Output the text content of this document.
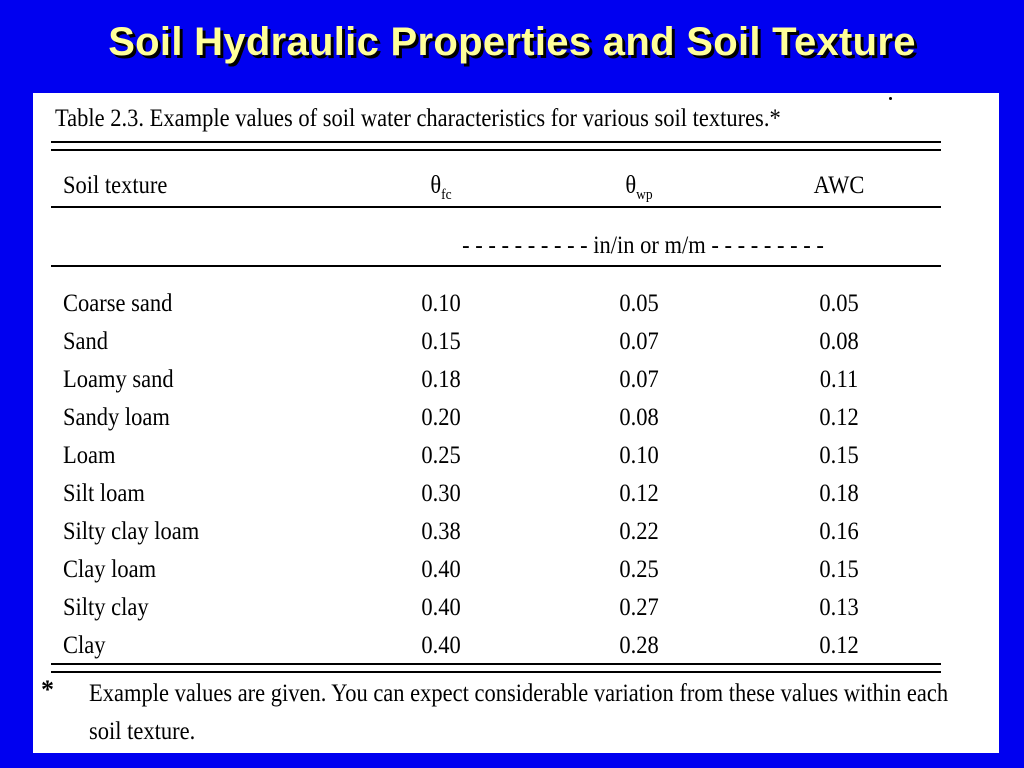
Soil Hydraulic Properties and Soil Texture
Table 2.3. Example values of soil water characteristics for various soil textures.*
Soil texture	$\theta_{fc}$	$\theta_{wp}$	AWC
- - - - - - - - - - in/in or m/m - - - - - - - - -
Coarse sand	0.10	0.05	0.05
Sand	0.15	0.07	0.08
Loamy sand	0.18	0.07	0.11
Sandy loam	0.20	0.08	0.12
Loam	0.25	0.10	0.15
Silt loam	0.30	0.12	0.18
Silty clay loam	0.38	0.22	0.16
Clay loam	0.40	0.25	0.15
Silty clay	0.40	0.27	0.13
Clay	0.40	0.28	0.12
* Example values are given. You can expect considerable variation from these values within each soil texture.
